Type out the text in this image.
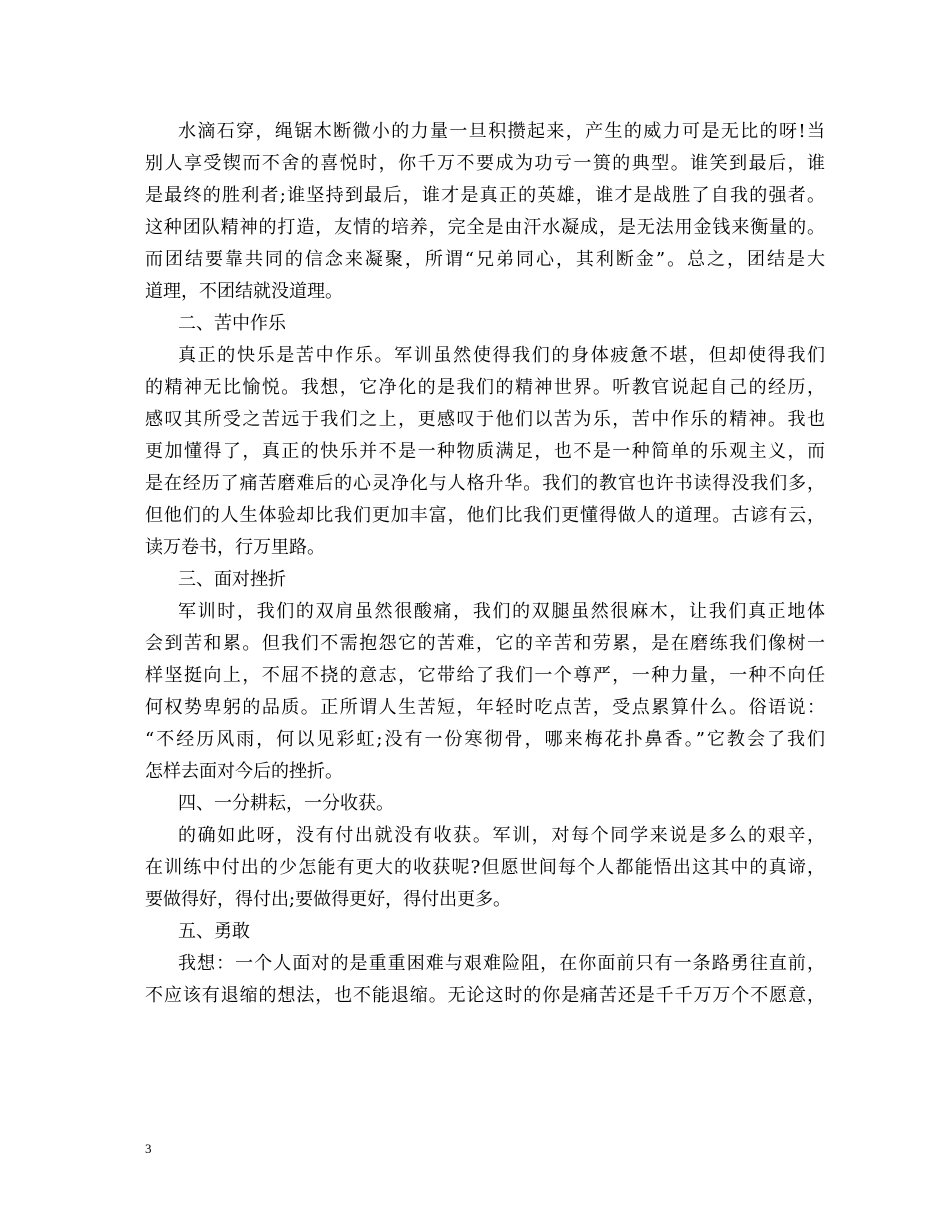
水滴石穿，绳锯木断微小的力量一旦积攒起来，产生的威力可是无比的呀!当
别人享受锲而不舍的喜悦时，你千万不要成为功亏一篑的典型。谁笑到最后，谁
是最终的胜利者;谁坚持到最后，谁才是真正的英雄，谁才是战胜了自我的强者。
这种团队精神的打造，友情的培养，完全是由汗水凝成，是无法用金钱来衡量的。
而团结要靠共同的信念来凝聚，所谓“兄弟同心，其利断金”。总之，团结是大
道理，不团结就没道理。
二、苦中作乐
真正的快乐是苦中作乐。军训虽然使得我们的身体疲惫不堪，但却使得我们
的精神无比愉悦。我想，它净化的是我们的精神世界。听教官说起自己的经历，
感叹其所受之苦远于我们之上，更感叹于他们以苦为乐，苦中作乐的精神。我也
更加懂得了，真正的快乐并不是一种物质满足，也不是一种简单的乐观主义，而
是在经历了痛苦磨难后的心灵净化与人格升华。我们的教官也许书读得没我们多，
但他们的人生体验却比我们更加丰富，他们比我们更懂得做人的道理。古谚有云，
读万卷书，行万里路。
三、面对挫折
军训时，我们的双肩虽然很酸痛，我们的双腿虽然很麻木，让我们真正地体
会到苦和累。但我们不需抱怨它的苦难，它的辛苦和劳累，是在磨练我们像树一
样坚挺向上，不屈不挠的意志，它带给了我们一个尊严，一种力量，一种不向任
何权势卑躬的品质。正所谓人生苦短，年轻时吃点苦，受点累算什么。俗语说：
“不经历风雨，何以见彩虹;没有一份寒彻骨，哪来梅花扑鼻香。”它教会了我们
怎样去面对今后的挫折。
四、一分耕耘，一分收获。
的确如此呀，没有付出就没有收获。军训，对每个同学来说是多么的艰辛，
在训练中付出的少怎能有更大的收获呢?但愿世间每个人都能悟出这其中的真谛，
要做得好，得付出;要做得更好，得付出更多。
五、勇敢
我想：一个人面对的是重重困难与艰难险阻，在你面前只有一条路勇往直前，
不应该有退缩的想法，也不能退缩。无论这时的你是痛苦还是千千万万个不愿意，
3
